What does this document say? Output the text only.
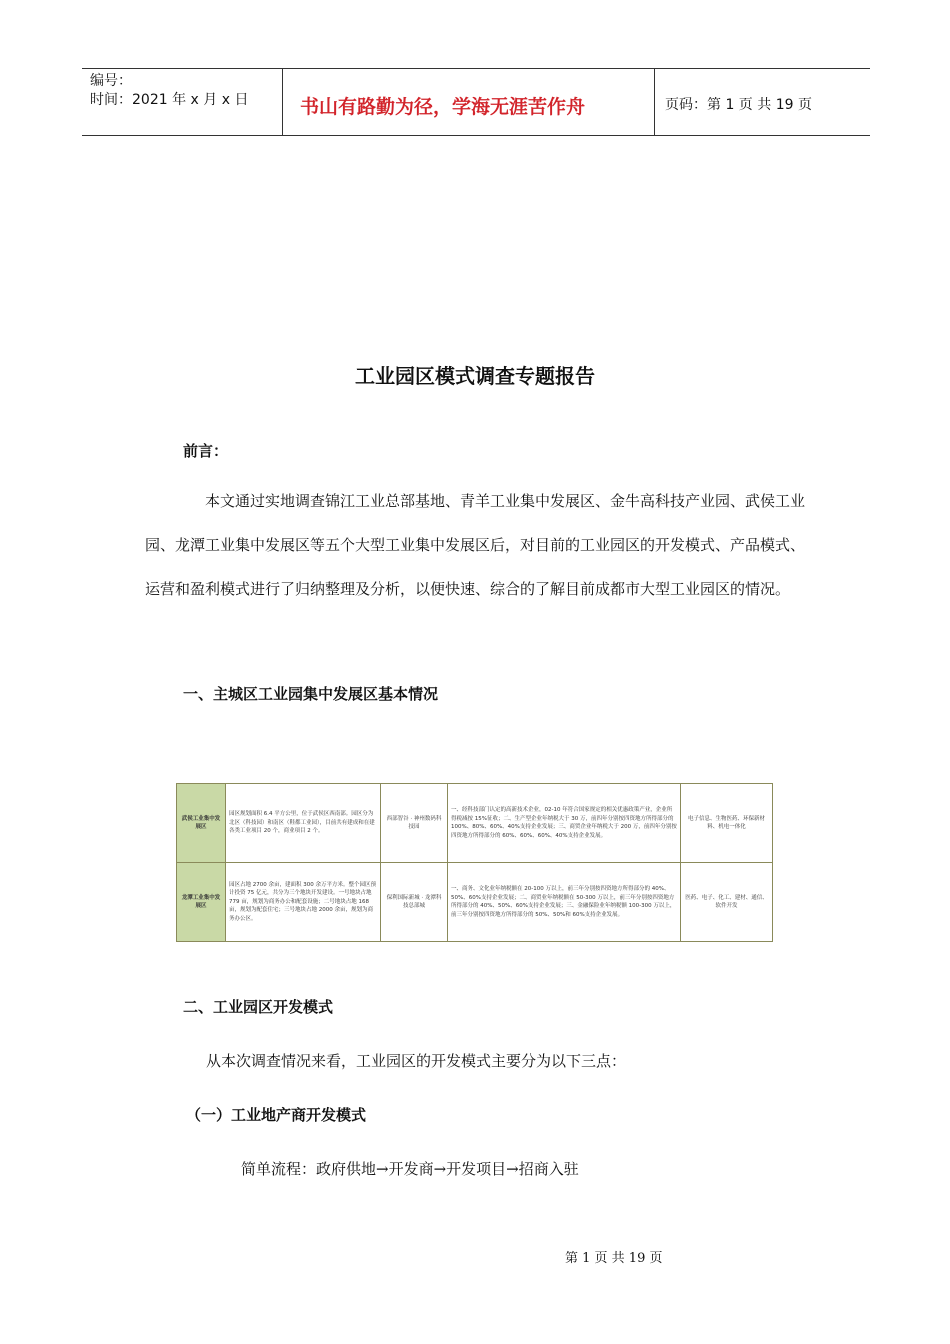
编号：
时间：2021 年 x 月 x 日	书山有路勤为径，学海无涯苦作舟	页码：第 1 页 共 19 页
工业园区模式调查专题报告
前言：
本文通过实地调查锦江工业总部基地、青羊工业集中发展区、金牛高科技产业园、武侯工业园、龙潭工业集中发展区等五个大型工业集中发展区后，对目前的工业园区的开发模式、产品模式、运营和盈利模式进行了归纳整理及分析，以便快速、综合的了解目前成都市大型工业园区的情况。
一、主城区工业园集中发展区基本情况
武侯工业集中发展区	园区规划面积 6.4 平方公里，位于武侯区西南部。园区分为北区（科技园）和南区（鞋都工业园），目前共有建成和在建各类工业项目 20 个，商业项目 2 个。	西部智谷 · 神州数码科技园	一、经科技部门认定的高新技术企业，02-10 年符合国家规定的相关优惠政策产业，企业所得税减按 15%征收；二、生产型企业年纳税大于 30 万，前四年分别按四资地方所得部分的 100%、80%、60%、40%支持企业发展；三、商贸企业年纳税大于 200 万，前四年分别按四资地方所得部分的 60%、60%、60%、40%支持企业发展。	电子信息、生物医药、环保新材料、机电一体化
龙潭工业集中发展区	园区占地 2700 余亩，建面积 300 余万平方米。整个园区预计投资 75 亿元，共分为三个地块开发建设。一号地块占地 779 亩，规划为商务办公和配套设施；二号地块占地 168 亩，规划为配套住宅；三号地块占地 2000 余亩，规划为商务办公区。	保利国际新城 · 龙潭科技总部城	一、商务、文化业年纳税额在 20-100 万以上，前三年分别按四资地方所得部分的 40%、50%、60%支持企业发展；二、商贸业年纳税额在 50-300 万以上，前三年分别按四资地方所得部分的 40%、50%、60%支持企业发展；三、金融保险业年纳税额 100-300 万以上，前三年分别按四资地方所得部分的 50%、50%和 60%支持企业发展。	医药、电子、化工、建材、通信、软件开发
二、工业园区开发模式
从本次调查情况来看，工业园区的开发模式主要分为以下三点：
（一）工业地产商开发模式
简单流程：政府供地→开发商→开发项目→招商入驻
第 1 页 共 19 页
